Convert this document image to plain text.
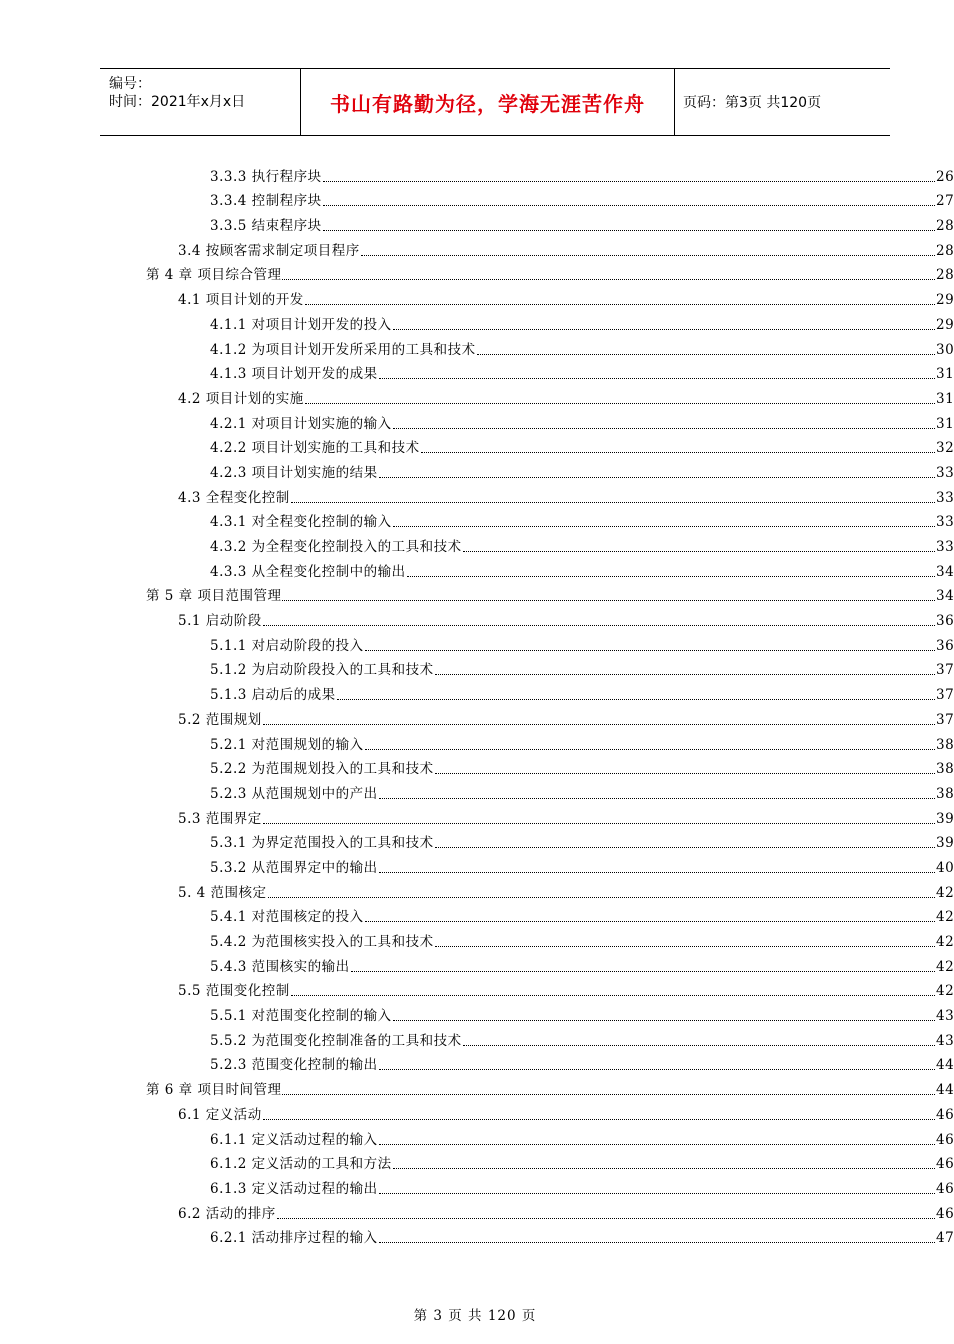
编号：
时间：2021年x月x日	书山有路勤为径，学海无涯苦作舟	页码：第3页 共120页
3.3.3 执行程序块	26
3.3.4 控制程序块	27
3.3.5 结束程序块	28
3.4 按顾客需求制定项目程序	28
第 4 章 项目综合管理	28
4.1 项目计划的开发	29
4.1.1 对项目计划开发的投入	29
4.1.2 为项目计划开发所采用的工具和技术	30
4.1.3 项目计划开发的成果	31
4.2 项目计划的实施	31
4.2.1 对项目计划实施的输入	31
4.2.2 项目计划实施的工具和技术	32
4.2.3 项目计划实施的结果	33
4.3 全程变化控制	33
4.3.1 对全程变化控制的输入	33
4.3.2 为全程变化控制投入的工具和技术	33
4.3.3 从全程变化控制中的输出	34
第 5 章 项目范围管理	34
5.1 启动阶段	36
5.1.1 对启动阶段的投入	36
5.1.2 为启动阶段投入的工具和技术	37
5.1.3 启动后的成果	37
5.2 范围规划	37
5.2.1 对范围规划的输入	38
5.2.2 为范围规划投入的工具和技术	38
5.2.3 从范围规划中的产出	38
5.3 范围界定	39
5.3.1 为界定范围投入的工具和技术	39
5.3.2 从范围界定中的输出	40
5. 4 范围核定	42
5.4.1 对范围核定的投入	42
5.4.2 为范围核实投入的工具和技术	42
5.4.3 范围核实的输出	42
5.5 范围变化控制	42
5.5.1 对范围变化控制的输入	43
5.5.2 为范围变化控制准备的工具和技术	43
5.2.3 范围变化控制的输出	44
第 6 章 项目时间管理	44
6.1 定义活动	46
6.1.1 定义活动过程的输入	46
6.1.2 定义活动的工具和方法	46
6.1.3 定义活动过程的输出	46
6.2 活动的排序	46
6.2.1 活动排序过程的输入	47
第 3 页 共 120 页
